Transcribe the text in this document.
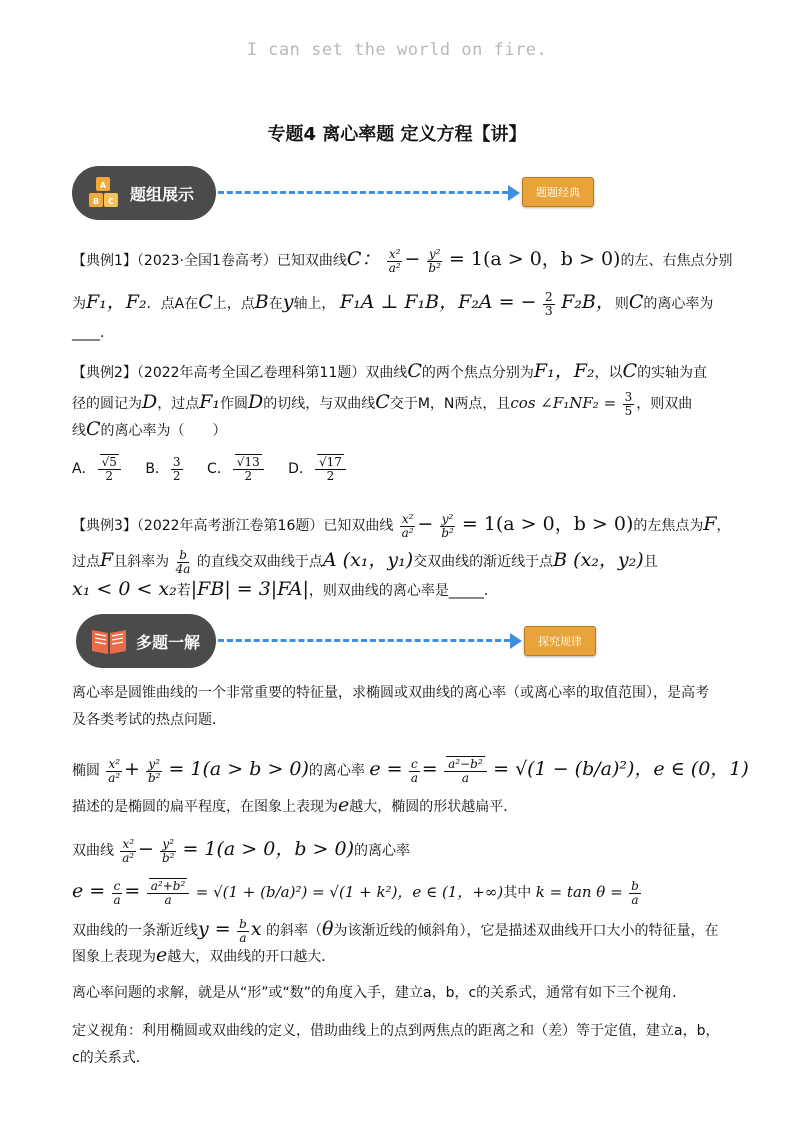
I can set the world on fire.
专题4 离心率题 定义方程【讲】
A
B C 题组展示	题题经典
【典例1】（2023·全国1卷高考）已知双曲线C： $\frac{\text{x²}}{\text{a²}} - \frac{\text{y²}}{\text{b²}} = 1(a > 0$，b > 0)的左、右焦点分别
为F₁，F₂．点A在C上，点B在y轴上， F₁A ⊥ F₁B，F₂A = − $\frac{2}{3} F_2B$，则C的离心率为
____．
【典例2】（2022年高考全国乙卷理科第11题）双曲线C的两个焦点分别为F₁，F₂，以C的实轴为直
径的圆记为D，过点F₁作圆D的切线，与双曲线C交于M，N两点，且cos ∠F₁NF₂ = $\frac{3}{5}$ ，则双曲
线C的离心率为（　　）
A． $\frac{√5}{2}$ B． $\frac{3}{2}$ C． $\frac{√13}{2}$ D． $\frac{√17}{2}$
【典例3】（2022年高考浙江卷第16题）已知双曲线 $\frac{\text{x²}}{\text{a²}} - \frac{\text{y²}}{\text{b²}} = 1(a > 0$，b > 0)的左焦点为F，
过点F且斜率为 $\frac{b}{4a}$ 的直线交双曲线于点A (x₁，y₁)交双曲线的渐近线于点B (x₂，y₂)且
x₁ < 0 < x₂若|FB| = 3|FA|，则双曲线的离心率是_____．
多题一解	探究规律
离心率是圆锥曲线的一个非常重要的特征量，求椭圆或双曲线的离心率（或离心率的取值范围），是高考
及各类考试的热点问题．
椭圆 $\frac{\text{x²}}{\text{a²}} + \frac{\text{y²}}{\text{b²}} = 1(a > b > 0)$的离心率 $e = \frac{c}{a} = \frac{\text{a²−b²}}{a} = √(1 - (b/a)^2)$，e ∈ (0，1)
描述的是椭圆的扁平程度，在图象上表现为e越大，椭圆的形状越扁平．
双曲线 $\frac{\text{x²}}{\text{a²}} - \frac{\text{y²}}{\text{b²}} = 1(a > 0$，b > 0)的离心率
$e = \frac{c}{a} = \frac{\text{a²+b²}}{a} = √(1 + (b/a)^2) = √(1 + k^2)$，e ∈ (1，+∞)其中 $k = \tan \theta = \frac{b}{a}$
双曲线的一条渐近线$y = \frac{b}{a}$ x 的斜率（θ为该渐近线的倾斜角），它是描述双曲线开口大小的特征量，在
图象上表现为e越大，双曲线的开口越大．
离心率问题的求解，就是从“形”或“数”的角度入手，建立a，b，c的关系式，通常有如下三个视角．
定义视角：利用椭圆或双曲线的定义，借助曲线上的点到两焦点的距离之和（差）等于定值，建立a，b，
c的关系式．
